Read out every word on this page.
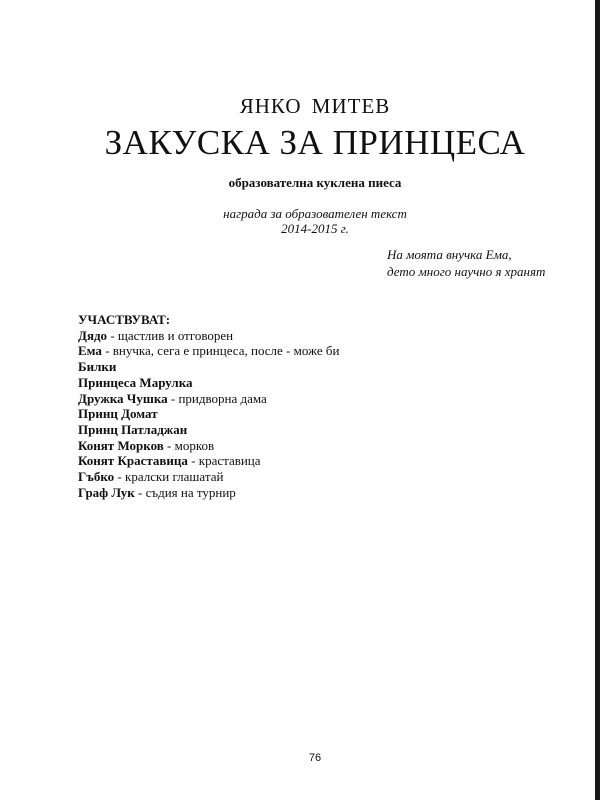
ЯНКО МИТЕВ
ЗАКУСКА ЗА ПРИНЦЕСА
образователна куклена пиеса
награда за образователен текст
2014-2015 г.
На моята внучка Ема,
дето много научно я хранят
УЧАСТВУВАТ:
Дядо - щастлив и отговорен
Ема - внучка, сега е принцеса, после - може би
Билки
Принцеса Марулка
Дружка Чушка - придворна дама
Принц Домат
Принц Патладжан
Конят Морков - морков
Конят Краставица - краставица
Гъбко - кралски глашатай
Граф Лук - съдия на турнир
76
